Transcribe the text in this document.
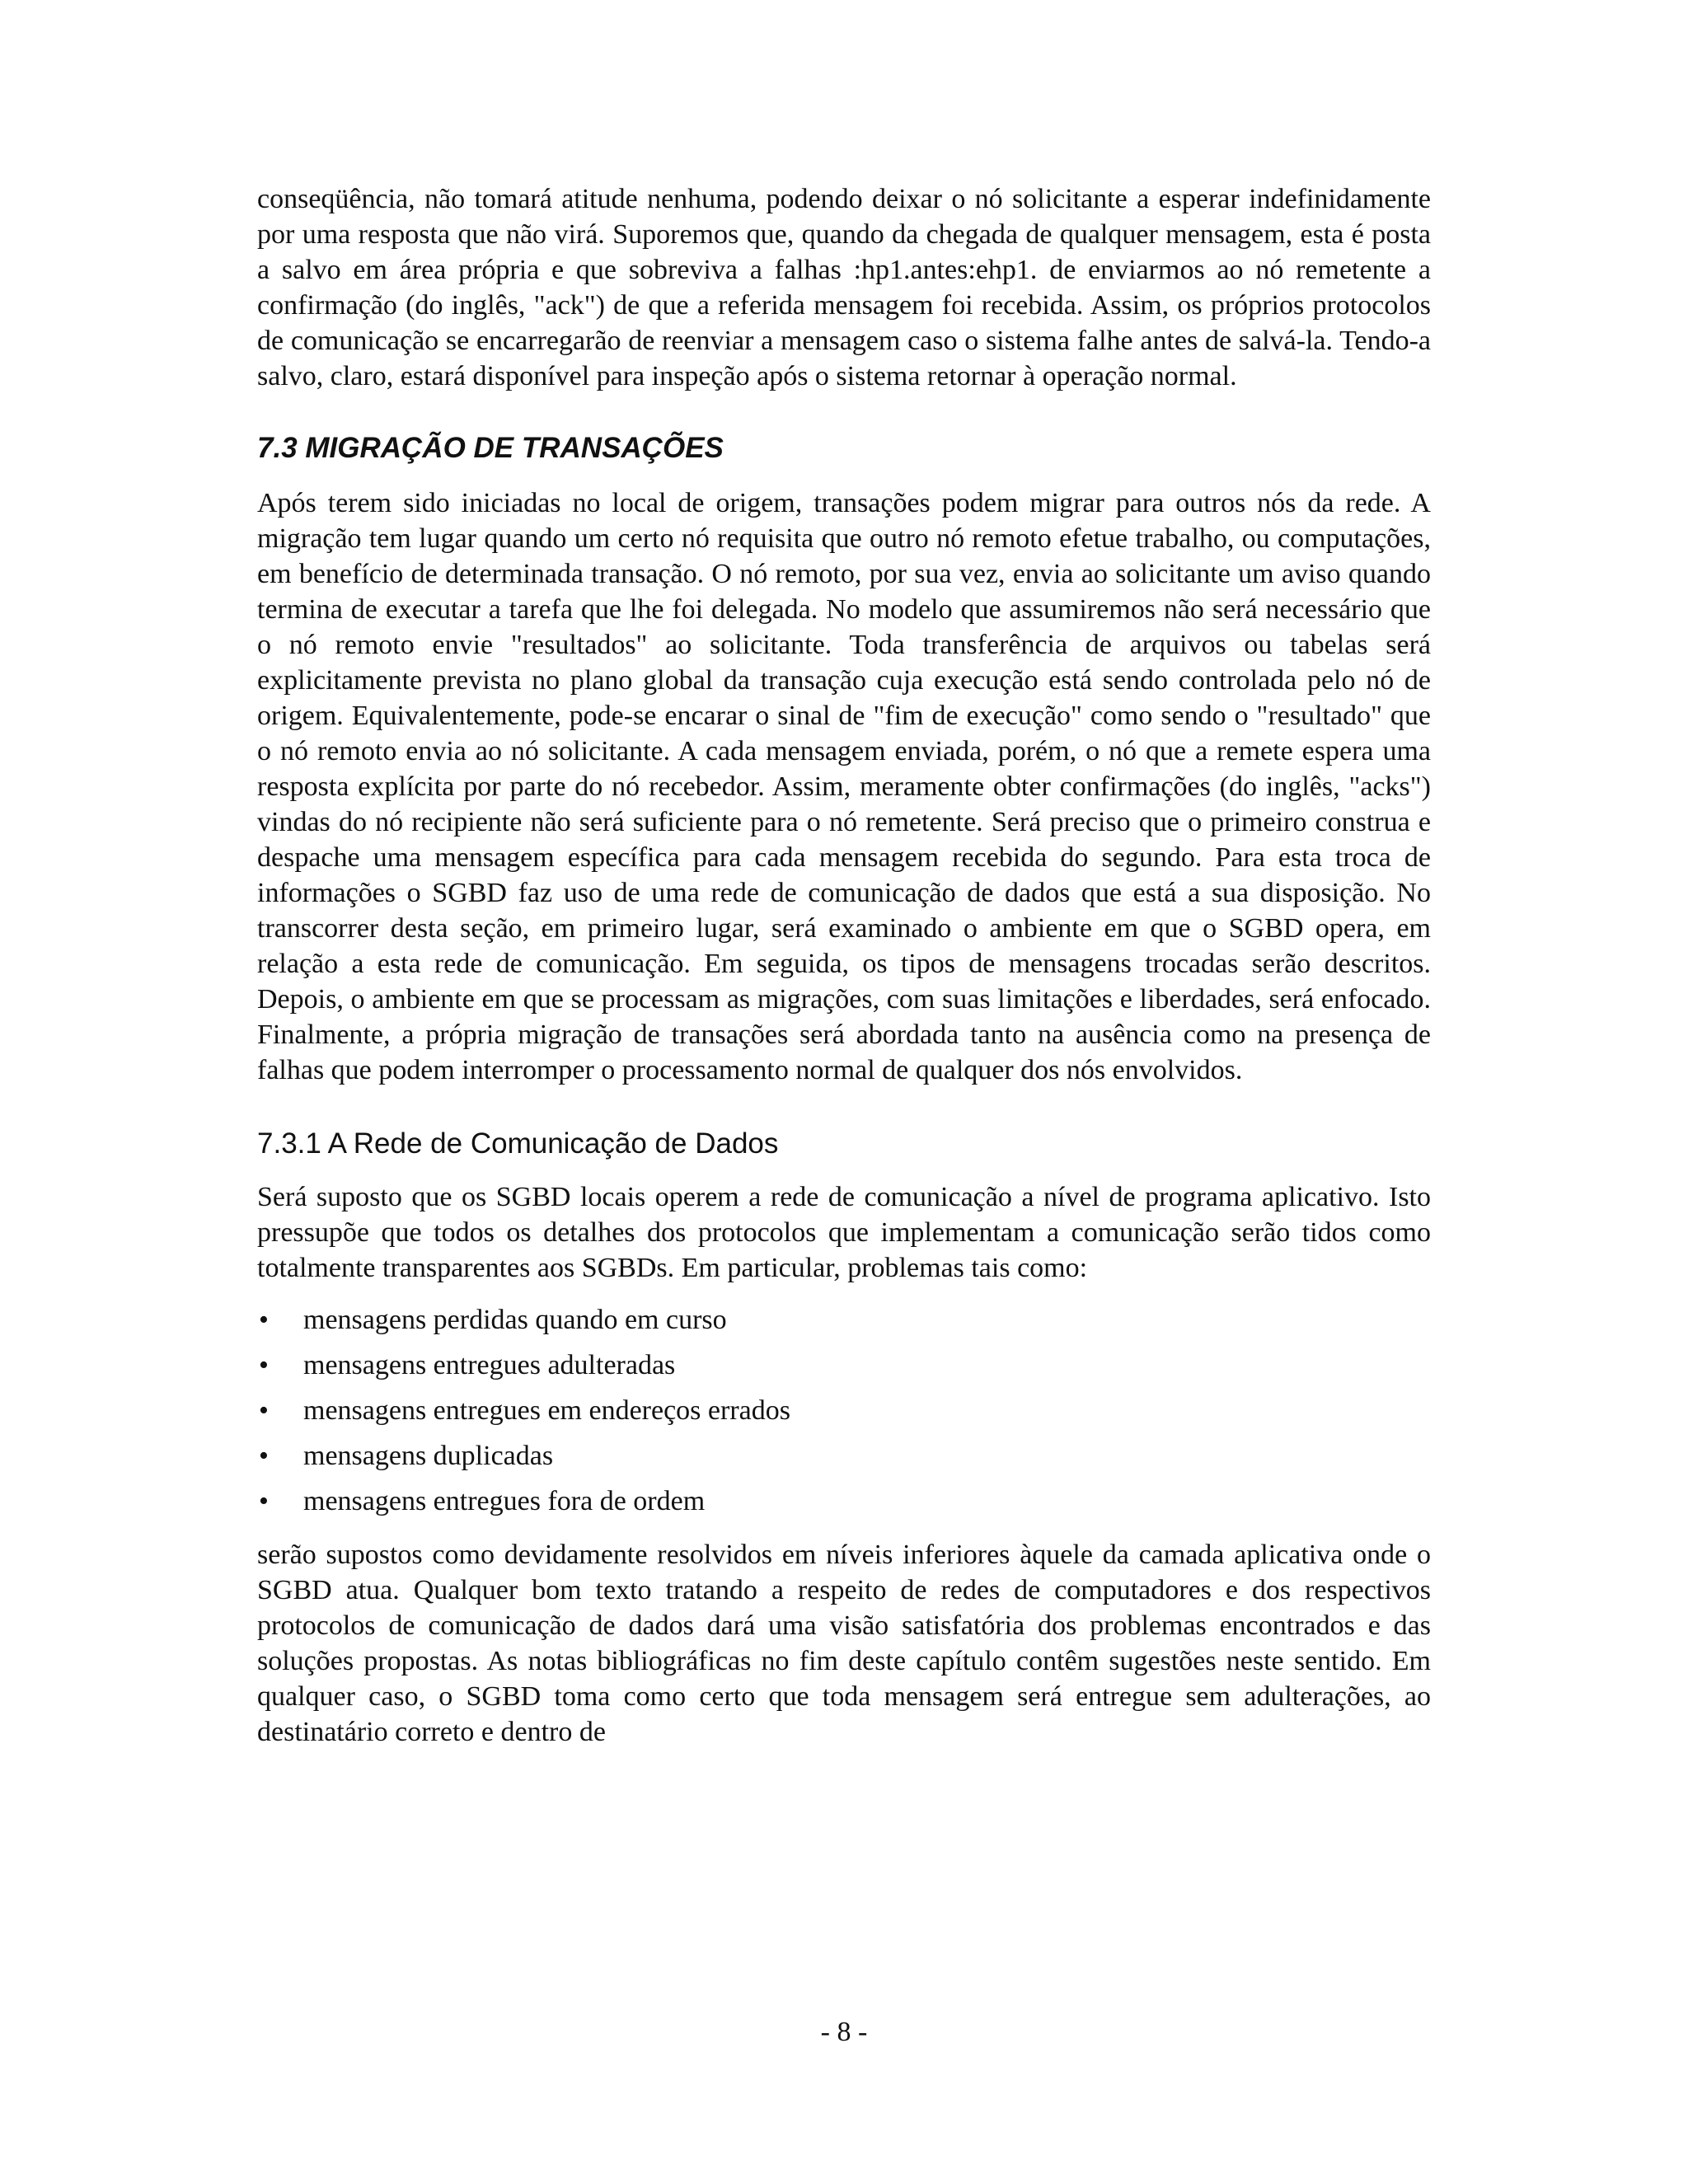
conseqüência, não tomará atitude nenhuma, podendo deixar o nó solicitante a esperar indefinidamente por uma resposta que não virá. Suporemos que, quando da chegada de qualquer mensagem, esta é posta a salvo em área própria e que sobreviva a falhas :hp1.antes:ehp1. de enviarmos ao nó remetente a confirmação (do inglês, "ack") de que a referida mensagem foi recebida. Assim, os próprios protocolos de comunicação se encarregarão de reenviar a mensagem caso o sistema falhe antes de salvá-la. Tendo-a salvo, claro, estará disponível para inspeção após o sistema retornar à operação normal.

7.3 MIGRAÇÃO DE TRANSAÇÕES

Após terem sido iniciadas no local de origem, transações podem migrar para outros nós da rede. A migração tem lugar quando um certo nó requisita que outro nó remoto efetue trabalho, ou computações, em benefício de determinada transação. O nó remoto, por sua vez, envia ao solicitante um aviso quando termina de executar a tarefa que lhe foi delegada. No modelo que assumiremos não será necessário que o nó remoto envie "resultados" ao solicitante. Toda transferência de arquivos ou tabelas será explicitamente prevista no plano global da transação cuja execução está sendo controlada pelo nó de origem. Equivalentemente, pode-se encarar o sinal de "fim de execução" como sendo o "resultado" que o nó remoto envia ao nó solicitante. A cada mensagem enviada, porém, o nó que a remete espera uma resposta explícita por parte do nó recebedor. Assim, meramente obter confirmações (do inglês, "acks") vindas do nó recipiente não será suficiente para o nó remetente. Será preciso que o primeiro construa e despache uma mensagem específica para cada mensagem recebida do segundo. Para esta troca de informações o SGBD faz uso de uma rede de comunicação de dados que está a sua disposição. No transcorrer desta seção, em primeiro lugar, será examinado o ambiente em que o SGBD opera, em relação a esta rede de comunicação. Em seguida, os tipos de mensagens trocadas serão descritos. Depois, o ambiente em que se processam as migrações, com suas limitações e liberdades, será enfocado. Finalmente, a própria migração de transações será abordada tanto na ausência como na presença de falhas que podem interromper o processamento normal de qualquer dos nós envolvidos.

7.3.1 A Rede de Comunicação de Dados

Será suposto que os SGBD locais operem a rede de comunicação a nível de programa aplicativo. Isto pressupõe que todos os detalhes dos protocolos que implementam a comunicação serão tidos como totalmente transparentes aos SGBDs. Em particular, problemas tais como:

• mensagens perdidas quando em curso
• mensagens entregues adulteradas
• mensagens entregues em endereços errados
• mensagens duplicadas
• mensagens entregues fora de ordem

serão supostos como devidamente resolvidos em níveis inferiores àquele da camada aplicativa onde o SGBD atua. Qualquer bom texto tratando a respeito de redes de computadores e dos respectivos protocolos de comunicação de dados dará uma visão satisfatória dos problemas encontrados e das soluções propostas. As notas bibliográficas no fim deste capítulo contêm sugestões neste sentido. Em qualquer caso, o SGBD toma como certo que toda mensagem será entregue sem adulterações, ao destinatário correto e dentro de

- 8 -
